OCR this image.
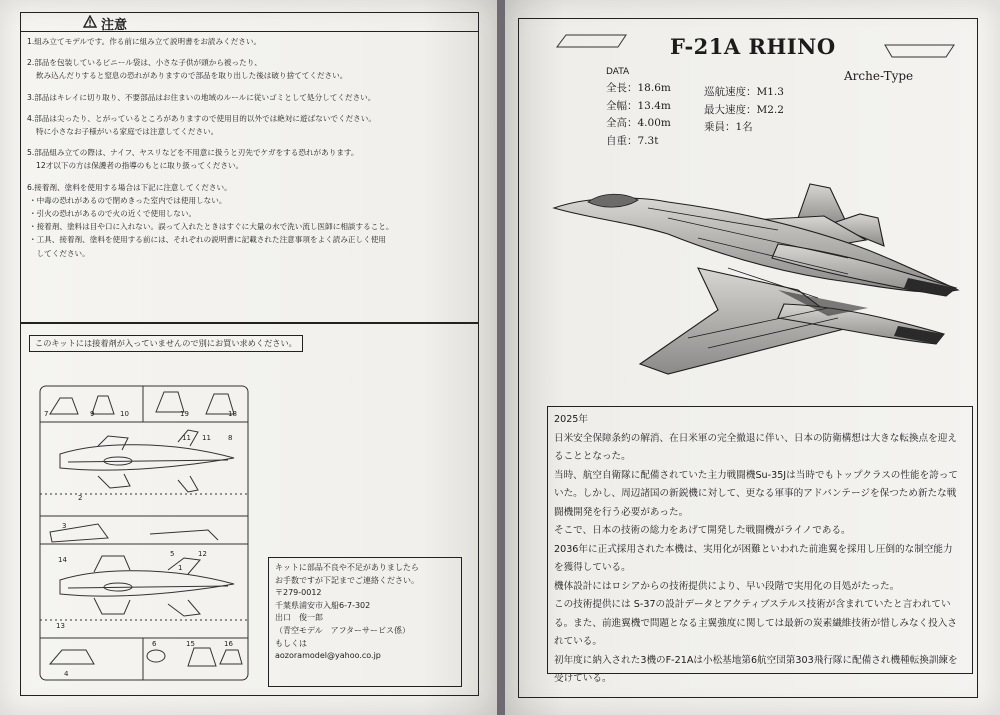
注意
1.組み立てモデルです。作る前に組み立て説明書をお読みください。
2.部品を包装しているビニール袋は、小さな子供が頭から被ったり、
飲み込んだりすると窒息の恐れがありますので部品を取り出した後は破り捨ててください。
3.部品はキレイに切り取り、不要部品はお住まいの地域のルールに従いゴミとして処分してください。
4.部品は尖ったり、とがっているところがありますので使用目的以外では絶対に遊ばないでください。
特に小さなお子様がいる家庭では注意してください。
5.部品組み立ての際は、ナイフ、ヤスリなどを不用意に扱うと刃先でケガをする恐れがあります。
12才以下の方は保護者の指導のもとに取り扱ってください。
6.接着剤、塗料を使用する場合は下記に注意してください。
・中毒の恐れがあるので閉めきった室内では使用しない。
・引火の恐れがあるので火の近くで使用しない。
・接着剤、塗料は目や口に入れない。誤って入れたときはすぐに大量の水で洗い流し医師に相談すること。
・工具、接着剤、塗料を使用する前には、それぞれの説明書に記載された注意事項をよく読み正しく使用
　してください。
このキットには接着剤が入っていませんので別にお買い求めください。
7	9	10	19	18
11 11 8
2
3
5	12
14
1
13
4
6	15	16
キットに部品不良や不足がありましたら
お手数ですが下記までご連絡ください。
〒279-0012
千葉県浦安市入船6-7-302
出口　俊一郎
（青空モデル　アフターサービス係）
もしくは
aozoramodel@yahoo.co.jp
F-21A RHINO
Arche-Type
DATA
全長：18.6m
全幅：13.4m
全高：4.00m
自重：7.3t
巡航速度：M1.3
最大速度：M2.2
乗員：1名

2025年

日米安全保障条約の解消、在日米軍の完全撤退に伴い、日本の防衛構想は大きな転換点を迎えることとなった。

当時、航空自衛隊に配備されていた主力戦闘機Su-35Jは当時でもトップクラスの性能を誇っていた。しかし、周辺諸国の新鋭機に対して、更なる軍事的アドバンテージを保つため新たな戦闘機開発を行う必要があった。

そこで、日本の技術の総力をあげて開発した戦闘機がライノである。

2036年に正式採用された本機は、実用化が困難といわれた前進翼を採用し圧倒的な制空能力を獲得している。

機体設計にはロシアからの技術提供により、早い段階で実用化の目処がたった。

この技術提供には S-37の設計データとアクティブステルス技術が含まれていたと言われている。また、前進翼機で問題となる主翼強度に関しては最新の炭素繊維技術が惜しみなく投入されている。

初年度に納入された3機のF-21Aは小松基地第6航空団第303飛行隊に配備され機種転換訓練を受けている。
